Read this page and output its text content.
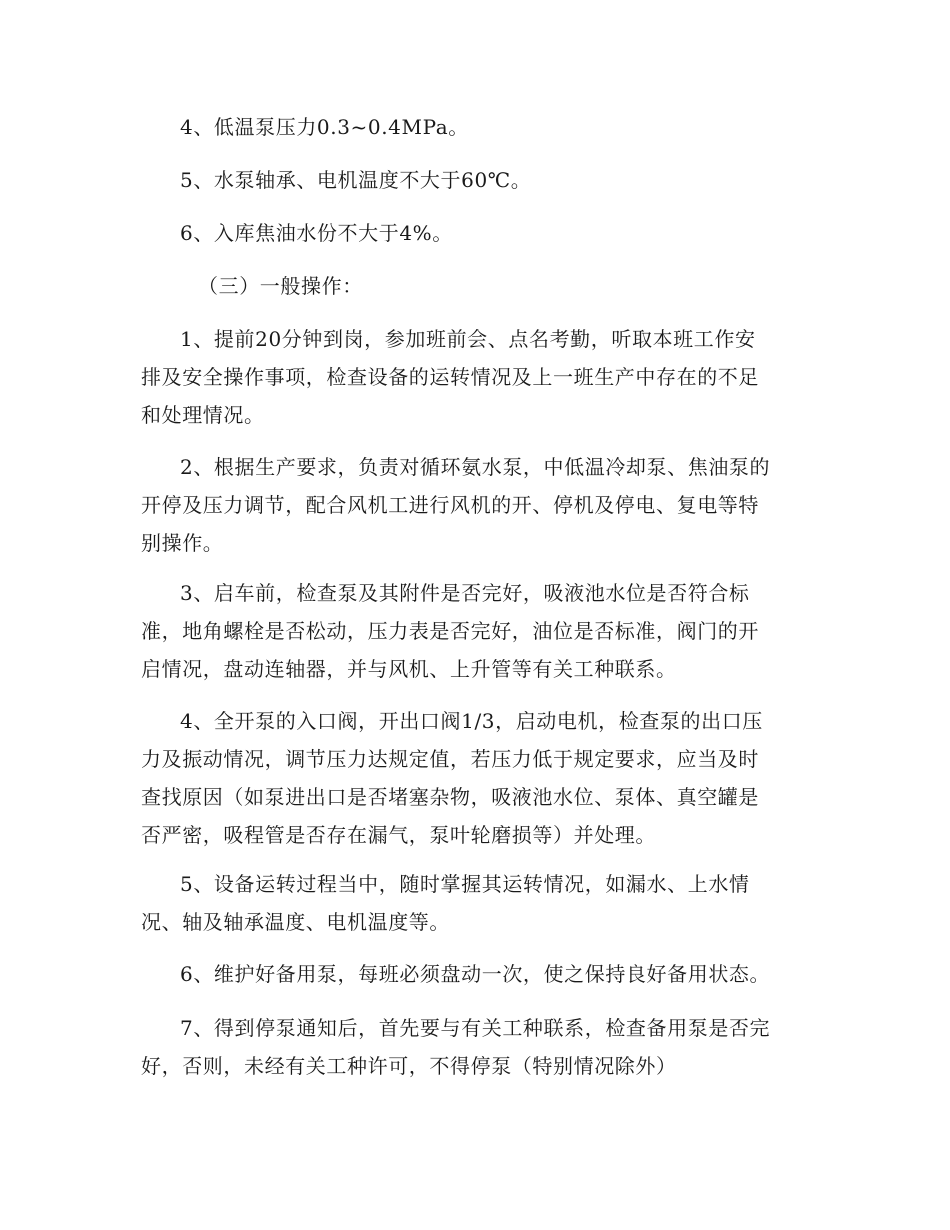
4、低温泵压力0.3~0.4MPa。

5、水泵轴承、电机温度不大于60℃。

6、入库焦油水份不大于4%。

（三）一般操作：

1、提前20分钟到岗，参加班前会、点名考勤，听取本班工作安
排及安全操作事项，检查设备的运转情况及上一班生产中存在的不足
和处理情况。
2、根据生产要求，负责对循环氨水泵，中低温冷却泵、焦油泵的
开停及压力调节，配合风机工进行风机的开、停机及停电、复电等特
别操作。
3、启车前，检查泵及其附件是否完好，吸液池水位是否符合标
准，地角螺栓是否松动，压力表是否完好，油位是否标准，阀门的开
启情况，盘动连轴器，并与风机、上升管等有关工种联系。
4、全开泵的入口阀，开出口阀1/3，启动电机，检查泵的出口压
力及振动情况，调节压力达规定值，若压力低于规定要求，应当及时
查找原因（如泵进出口是否堵塞杂物，吸液池水位、泵体、真空罐是
否严密，吸程管是否存在漏气，泵叶轮磨损等）并处理。
5、设备运转过程当中，随时掌握其运转情况，如漏水、上水情
况、轴及轴承温度、电机温度等。
6、维护好备用泵，每班必须盘动一次，使之保持良好备用状态。
7、得到停泵通知后，首先要与有关工种联系，检查备用泵是否完
好，否则，未经有关工种许可，不得停泵（特别情况除外）
